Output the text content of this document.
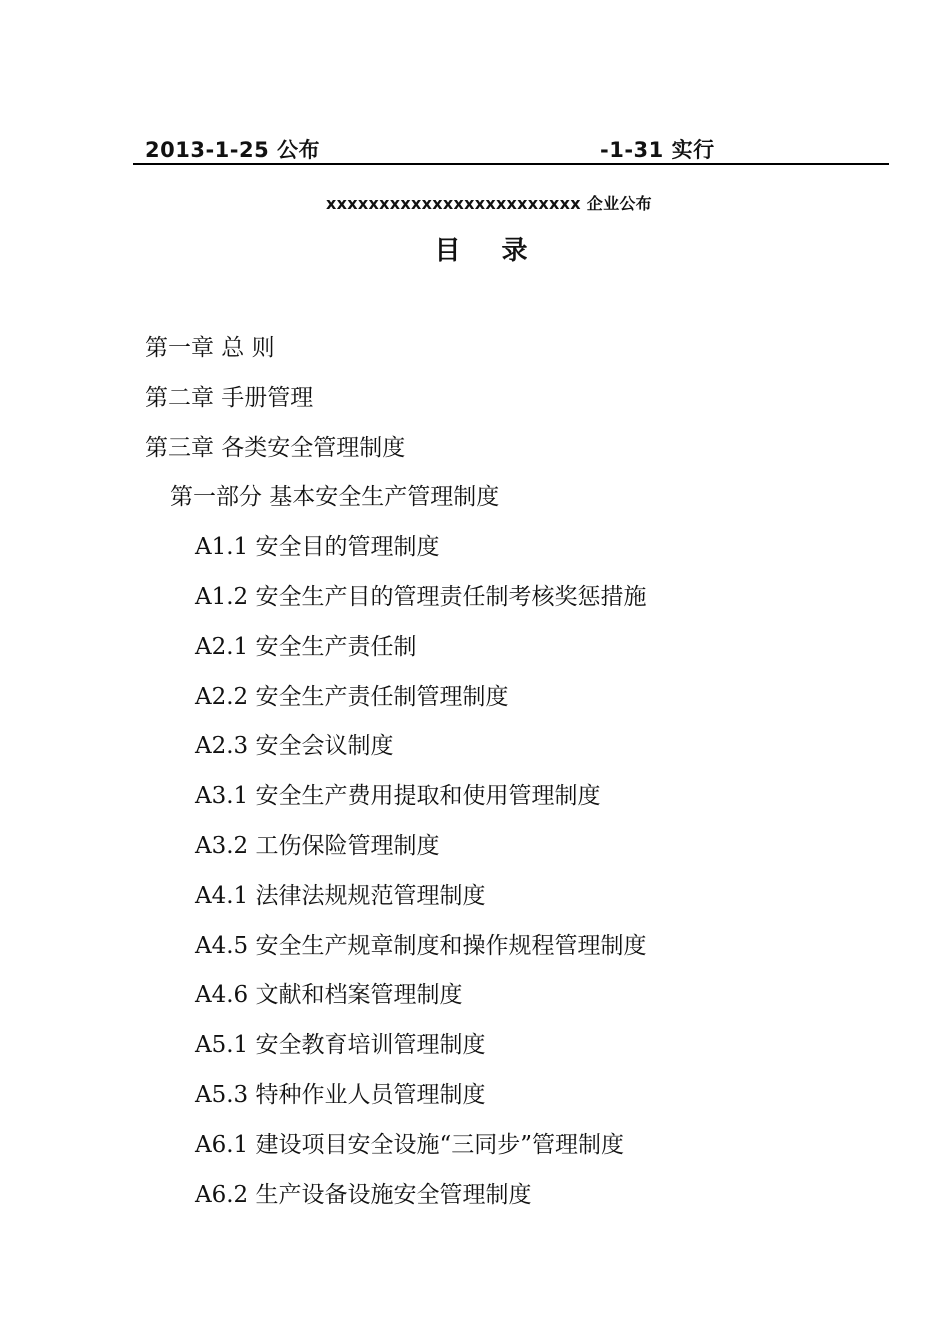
2013-1-25 公布	-1-31 实行
xxxxxxxxxxxxxxxxxxxxxxxx 企业公布
目 录
第一章 总 则
第二章 手册管理
第三章 各类安全管理制度
第一部分 基本安全生产管理制度
A1.1 安全目的管理制度
A1.2 安全生产目的管理责任制考核奖惩措施
A2.1 安全生产责任制
A2.2 安全生产责任制管理制度
A2.3 安全会议制度
A3.1 安全生产费用提取和使用管理制度
A3.2 工伤保险管理制度
A4.1 法律法规规范管理制度
A4.5 安全生产规章制度和操作规程管理制度
A4.6 文献和档案管理制度
A5.1 安全教育培训管理制度
A5.3 特种作业人员管理制度
A6.1 建设项目安全设施“三同步”管理制度
A6.2 生产设备设施安全管理制度
